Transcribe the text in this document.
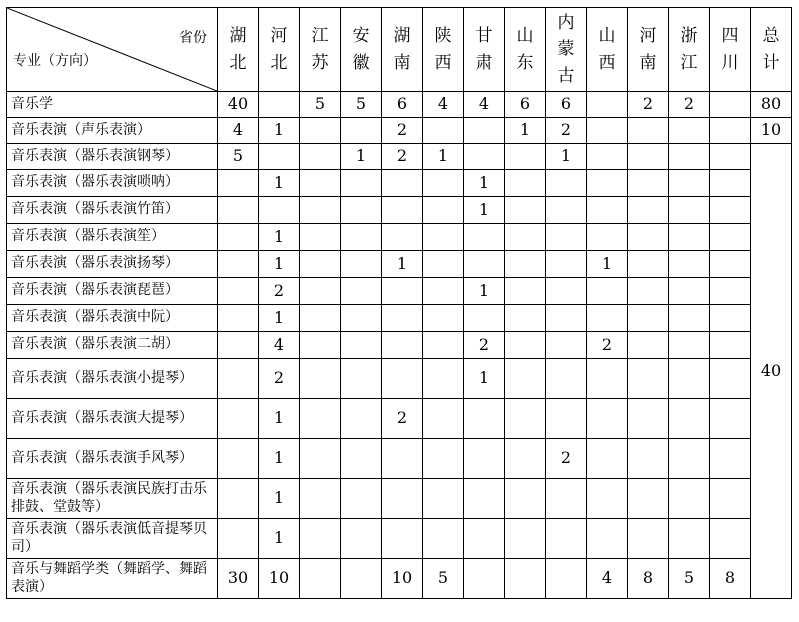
省份
专业（方向）	湖北	河北	江苏	安徽	湖南	陕西	甘肃	山东	内蒙古	山西	河南	浙江	四川	总计
音乐学	40		5	5	6	4	4	6	6		2	2		80
音乐表演（声乐表演）	4	1			2			1	2					10
音乐表演（器乐表演钢琴）	5			1	2	1			1					40
音乐表演（器乐表演唢呐）		1					1							
音乐表演（器乐表演竹笛）							1							
音乐表演（器乐表演笙）		1												
音乐表演（器乐表演扬琴）		1			1					1				
音乐表演（器乐表演琵琶）		2					1							
音乐表演（器乐表演中阮）		1												
音乐表演（器乐表演二胡）		4					2			2				
音乐表演（器乐表演小提琴）		2					1							
音乐表演（器乐表演大提琴）		1			2									
音乐表演（器乐表演手风琴）		1							2					
音乐表演（器乐表演民族打击乐排鼓、堂鼓等）		1												
音乐表演（器乐表演低音提琴贝司）		1												
音乐与舞蹈学类（舞蹈学、舞蹈表演）	30	10			10	5				4	8	5	8	
